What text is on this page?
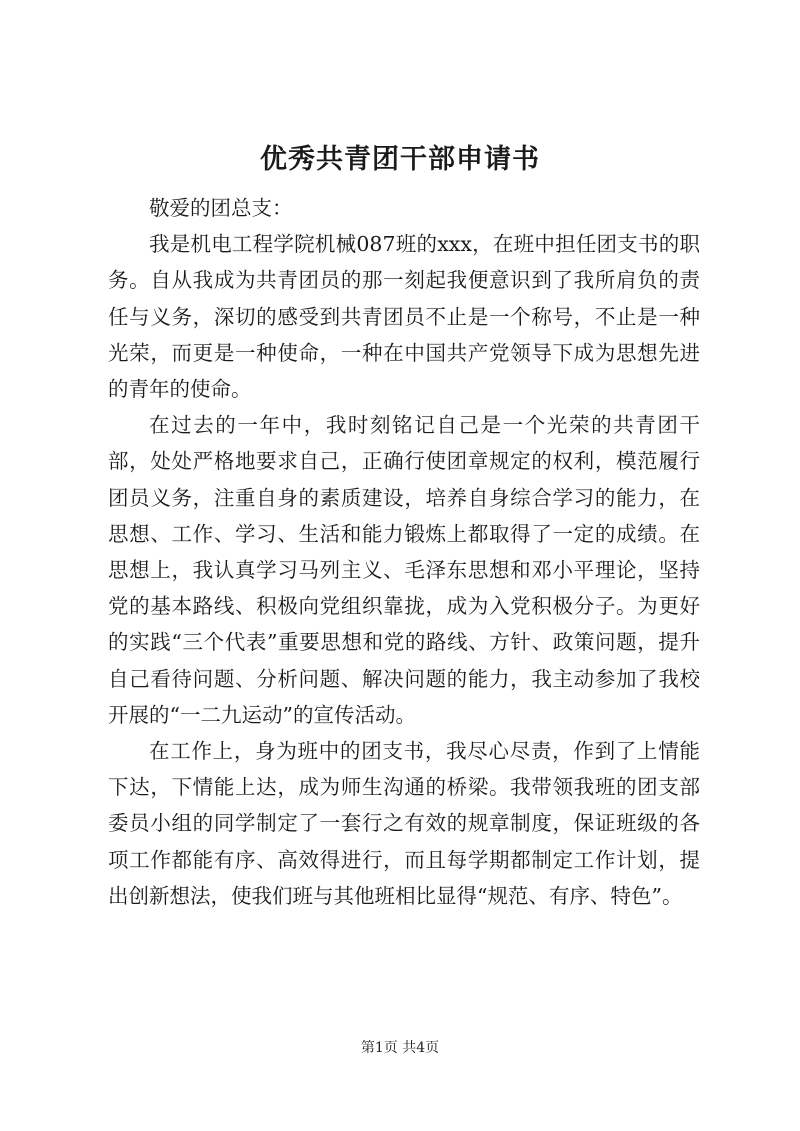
优秀共青团干部申请书

敬爱的团总支：

我是机电工程学院机械087班的xxx，在班中担任团支书的职务。自从我成为共青团员的那一刻起我便意识到了我所肩负的责任与义务，深切的感受到共青团员不止是一个称号，不止是一种光荣，而更是一种使命，一种在中国共产党领导下成为思想先进的青年的使命。

在过去的一年中，我时刻铭记自己是一个光荣的共青团干部，处处严格地要求自己，正确行使团章规定的权利，模范履行团员义务，注重自身的素质建设，培养自身综合学习的能力，在思想、工作、学习、生活和能力锻炼上都取得了一定的成绩。在思想上，我认真学习马列主义、毛泽东思想和邓小平理论，坚持党的基本路线、积极向党组织靠拢，成为入党积极分子。为更好的实践“三个代表”重要思想和党的路线、方针、政策问题，提升自己看待问题、分析问题、解决问题的能力，我主动参加了我校开展的“一二九运动”的宣传活动。

在工作上，身为班中的团支书，我尽心尽责，作到了上情能下达，下情能上达，成为师生沟通的桥梁。我带领我班的团支部委员小组的同学制定了一套行之有效的规章制度，保证班级的各项工作都能有序、高效得进行，而且每学期都制定工作计划，提出创新想法，使我们班与其他班相比显得“规范、有序、特色”。

第1页 共4页
